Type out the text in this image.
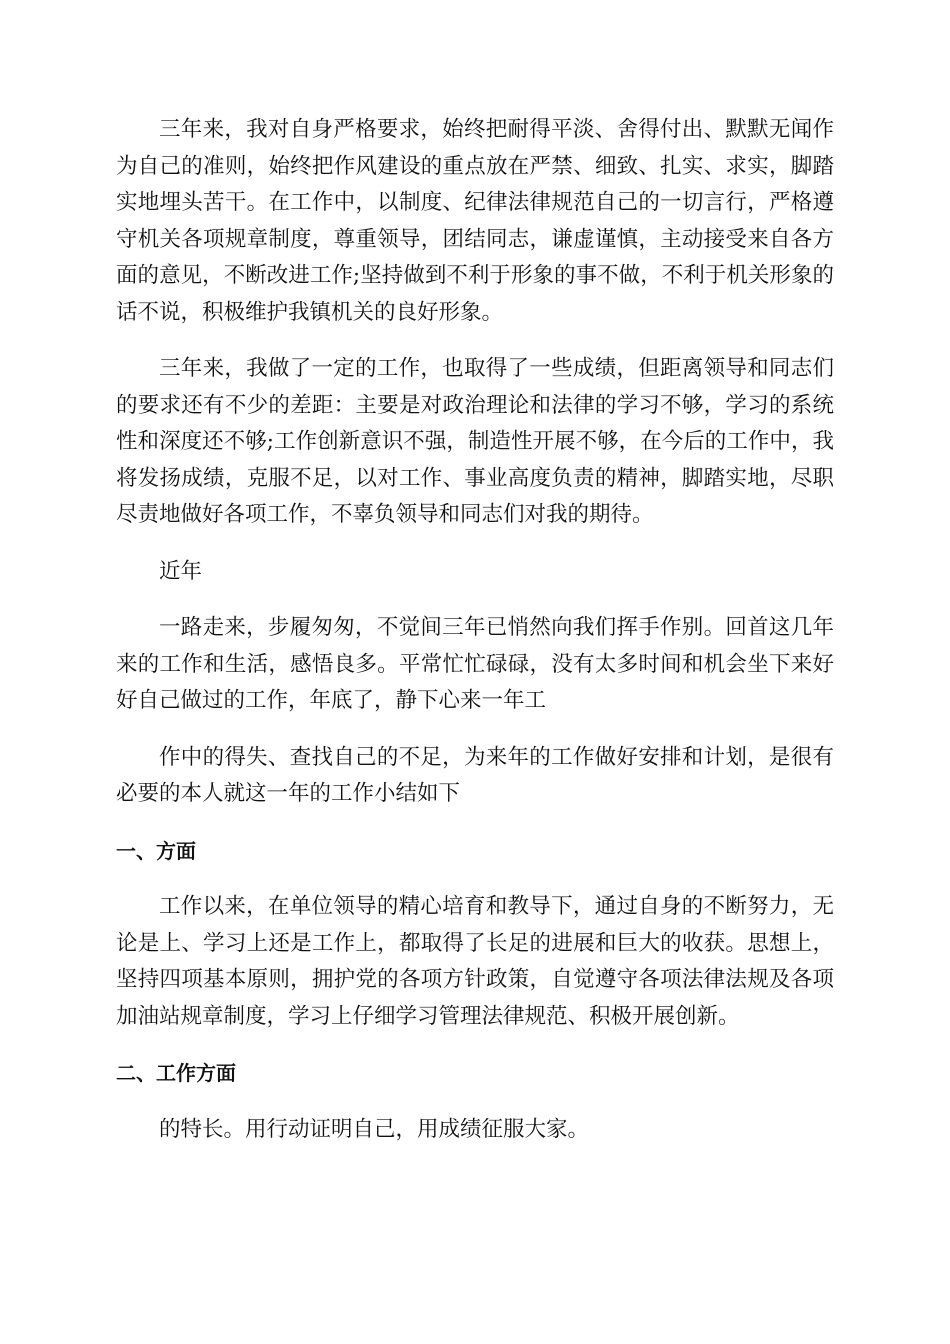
三年来，我对自身严格要求，始终把耐得平淡、舍得付出、默默无闻作为自己的准则，始终把作风建设的重点放在严禁、细致、扎实、求实，脚踏实地埋头苦干。在工作中，以制度、纪律法律规范自己的一切言行，严格遵守机关各项规章制度，尊重领导，团结同志，谦虚谨慎，主动接受来自各方面的意见，不断改进工作;坚持做到不利于形象的事不做，不利于机关形象的话不说，积极维护我镇机关的良好形象。

三年来，我做了一定的工作，也取得了一些成绩，但距离领导和同志们的要求还有不少的差距：主要是对政治理论和法律的学习不够，学习的系统性和深度还不够;工作创新意识不强，制造性开展不够，在今后的工作中，我将发扬成绩，克服不足，以对工作、事业高度负责的精神，脚踏实地，尽职尽责地做好各项工作，不辜负领导和同志们对我的期待。

近年

一路走来，步履匆匆，不觉间三年已悄然向我们挥手作别。回首这几年来的工作和生活，感悟良多。平常忙忙碌碌，没有太多时间和机会坐下来好好自己做过的工作，年底了，静下心来一年工

作中的得失、查找自己的不足，为来年的工作做好安排和计划，是很有必要的本人就这一年的工作小结如下

一、方面

工作以来，在单位领导的精心培育和教导下，通过自身的不断努力，无论是上、学习上还是工作上，都取得了长足的进展和巨大的收获。思想上，坚持四项基本原则，拥护党的各项方针政策，自觉遵守各项法律法规及各项加油站规章制度，学习上仔细学习管理法律规范、积极开展创新。

二、工作方面

的特长。用行动证明自己，用成绩征服大家。
